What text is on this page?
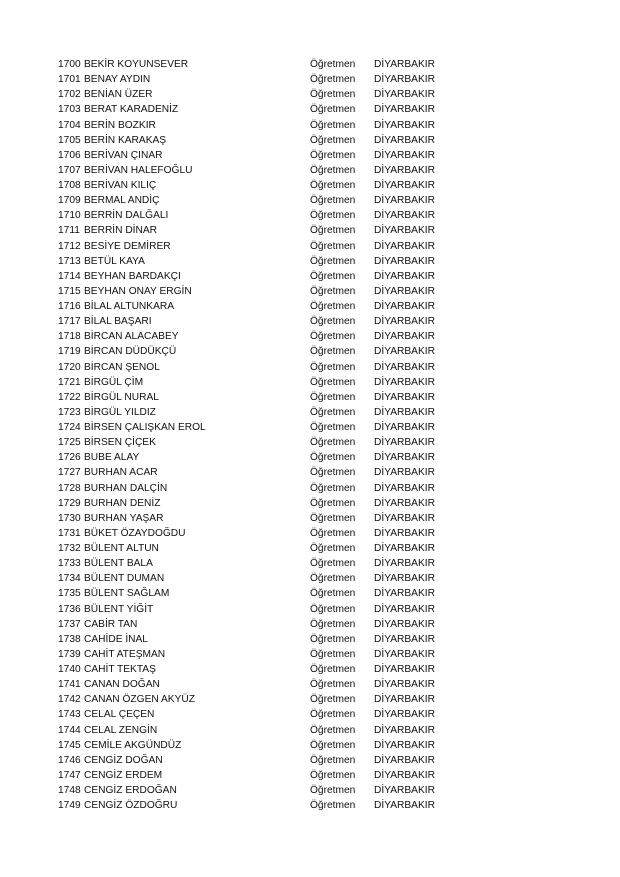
1700 BEKİR KOYUNSEVER	Öğretmen	DİYARBAKIR
1701 BENAY AYDIN	Öğretmen	DİYARBAKIR
1702 BENİAN ÜZER	Öğretmen	DİYARBAKIR
1703 BERAT KARADENİZ	Öğretmen	DİYARBAKIR
1704 BERİN BOZKIR	Öğretmen	DİYARBAKIR
1705 BERİN KARAKAŞ	Öğretmen	DİYARBAKIR
1706 BERİVAN ÇINAR	Öğretmen	DİYARBAKIR
1707 BERİVAN HALEFOĞLU	Öğretmen	DİYARBAKIR
1708 BERİVAN KILIÇ	Öğretmen	DİYARBAKIR
1709 BERMAL ANDİÇ	Öğretmen	DİYARBAKIR
1710 BERRİN DALĞALI	Öğretmen	DİYARBAKIR
1711 BERRİN DİNAR	Öğretmen	DİYARBAKIR
1712 BESİYE DEMİRER	Öğretmen	DİYARBAKIR
1713 BETÜL KAYA	Öğretmen	DİYARBAKIR
1714 BEYHAN BARDAKÇI	Öğretmen	DİYARBAKIR
1715 BEYHAN ONAY ERGİN	Öğretmen	DİYARBAKIR
1716 BİLAL ALTUNKARA	Öğretmen	DİYARBAKIR
1717 BİLAL BAŞARI	Öğretmen	DİYARBAKIR
1718 BİRCAN ALACABEY	Öğretmen	DİYARBAKIR
1719 BİRCAN DÜDÜKÇÜ	Öğretmen	DİYARBAKIR
1720 BİRCAN ŞENOL	Öğretmen	DİYARBAKIR
1721 BİRGÜL ÇİM	Öğretmen	DİYARBAKIR
1722 BİRGÜL NURAL	Öğretmen	DİYARBAKIR
1723 BİRGÜL YILDIZ	Öğretmen	DİYARBAKIR
1724 BİRSEN ÇALIŞKAN EROL	Öğretmen	DİYARBAKIR
1725 BİRSEN ÇİÇEK	Öğretmen	DİYARBAKIR
1726 BUBE ALAY	Öğretmen	DİYARBAKIR
1727 BURHAN ACAR	Öğretmen	DİYARBAKIR
1728 BURHAN DALÇİN	Öğretmen	DİYARBAKIR
1729 BURHAN DENİZ	Öğretmen	DİYARBAKIR
1730 BURHAN YAŞAR	Öğretmen	DİYARBAKIR
1731 BÜKET ÖZAYDOĞDU	Öğretmen	DİYARBAKIR
1732 BÜLENT ALTUN	Öğretmen	DİYARBAKIR
1733 BÜLENT BALA	Öğretmen	DİYARBAKIR
1734 BÜLENT DUMAN	Öğretmen	DİYARBAKIR
1735 BÜLENT SAĞLAM	Öğretmen	DİYARBAKIR
1736 BÜLENT YİĞİT	Öğretmen	DİYARBAKIR
1737 CABİR TAN	Öğretmen	DİYARBAKIR
1738 CAHİDE İNAL	Öğretmen	DİYARBAKIR
1739 CAHİT ATEŞMAN	Öğretmen	DİYARBAKIR
1740 CAHİT TEKTAŞ	Öğretmen	DİYARBAKIR
1741 CANAN DOĞAN	Öğretmen	DİYARBAKIR
1742 CANAN ÖZGEN AKYÜZ	Öğretmen	DİYARBAKIR
1743 CELAL ÇEÇEN	Öğretmen	DİYARBAKIR
1744 CELAL ZENGİN	Öğretmen	DİYARBAKIR
1745 CEMİLE AKGÜNDÜZ	Öğretmen	DİYARBAKIR
1746 CENGİZ DOĞAN	Öğretmen	DİYARBAKIR
1747 CENGİZ ERDEM	Öğretmen	DİYARBAKIR
1748 CENGİZ ERDOĞAN	Öğretmen	DİYARBAKIR
1749 CENGİZ ÖZDOĞRU	Öğretmen	DİYARBAKIR
